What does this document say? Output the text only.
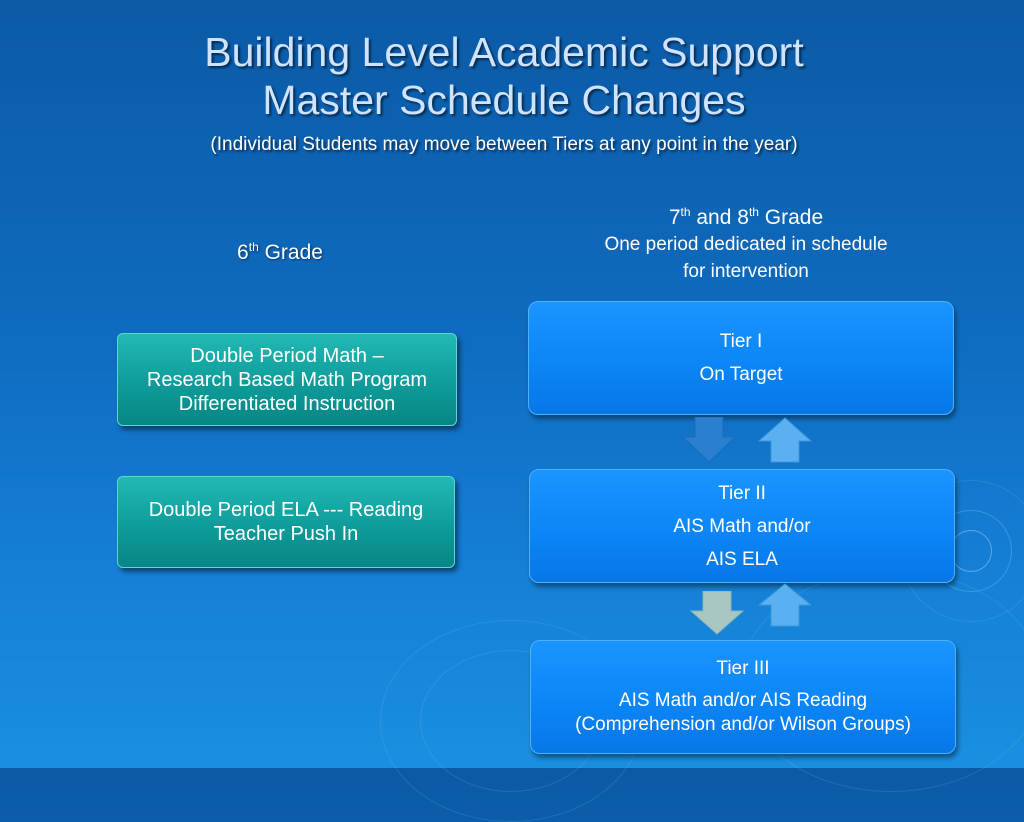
Building Level Academic Support
Master Schedule Changes
(Individual Students may move between Tiers at any point in the year)
6th Grade
7th and 8th Grade
One period dedicated in schedule
for intervention
Double Period Math –
Research Based Math Program
Differentiated Instruction
Double Period ELA --- Reading
Teacher Push In
Tier I
On Target
Tier II
AIS Math and/or
AIS ELA
Tier III
AIS Math and/or AIS Reading
(Comprehension and/or Wilson Groups)
